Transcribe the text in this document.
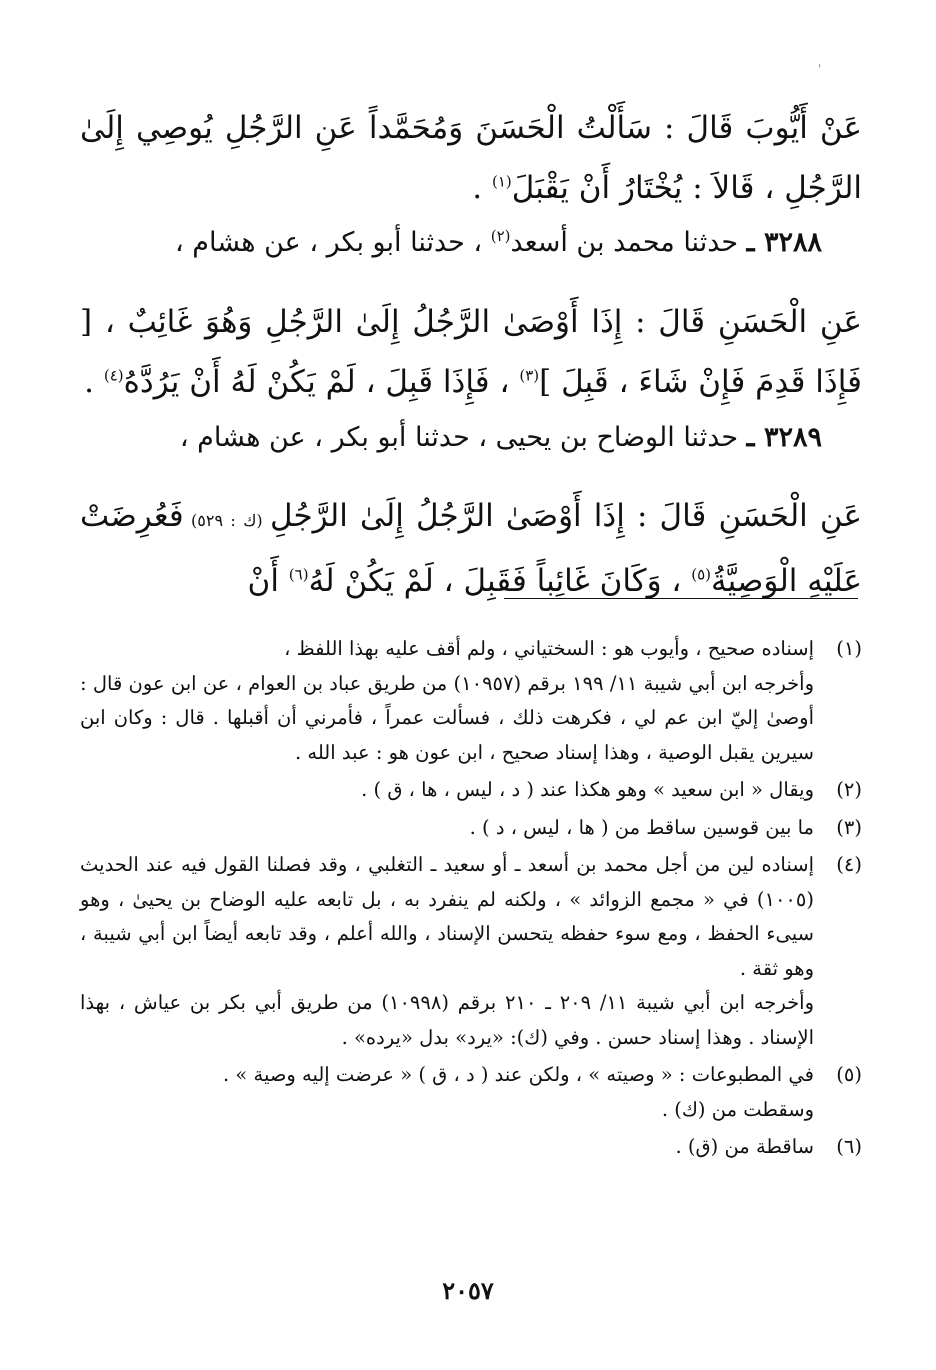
'
عَنْ أَيُّوبَ قَالَ : سَأَلْتُ الْحَسَنَ وَمُحَمَّداً عَنِ الرَّجُلِ يُوصِي إِلَىٰ الرَّجُلِ ، قَالاَ : يُخْتَارُ أَنْ يَقْبَلَ$^{(١)}$ .
٣٢٨٨ ـ حدثنا محمد بن أسعد$^{(٢)}$ ، حدثنا أبو بكر ، عن هشام ،
عَنِ الْحَسَنِ قَالَ : إِذَا أَوْصَىٰ الرَّجُلُ إِلَىٰ الرَّجُلِ وَهُوَ غَائِبٌ ، [ فَإِذَا قَدِمَ فَإِنْ شَاءَ ، قَبِلَ ]$^{(٣)}$ ، فَإِذَا قَبِلَ ، لَمْ يَكُنْ لَهُ أَنْ يَرُدَّهُ$^{(٤)}$ .
٣٢٨٩ ـ حدثنا الوضاح بن يحيى ، حدثنا أبو بكر ، عن هشام ،
عَنِ الْحَسَنِ قَالَ : إِذَا أَوْصَىٰ الرَّجُلُ إِلَىٰ الرَّجُلِ (ك : ٥٢٩) فَعُرِضَتْ عَلَيْهِ الْوَصِيَّةُ$^{(٥)}$ ، وَكَانَ غَائِباً فَقَبِلَ ، لَمْ يَكُنْ لَهُ$^{(٦)}$ أَنْ
(١)
إسناده صحيح ، وأيوب هو : السختياني ، ولم أقف عليه بهذا اللفظ ،
وأخرجه ابن أبي شيبة ١١/ ١٩٩ برقم (١٠٩٥٧) من طريق عباد بن العوام ، عن ابن عون قال : أوصىٰ إليّ ابن عم لي ، فكرهت ذلك ، فسألت عمراً ، فأمرني أن أقبلها . قال : وكان ابن سيرين يقبل الوصية ، وهذا إسناد صحيح ، ابن عون هو : عبد الله .
(٢)
ويقال « ابن سعيد » وهو هكذا عند ( د ، ليس ، ها ، ق ) .
(٣)
ما بين قوسين ساقط من ( ها ، ليس ، د ) .
(٤)
إسناده لين من أجل محمد بن أسعد ـ أو سعيد ـ التغلبي ، وقد فصلنا القول فيه عند الحديث (١٠٠٥) في « مجمع الزوائد » ، ولكنه لم ينفرد به ، بل تابعه عليه الوضاح بن يحيىٰ ، وهو سيىء الحفظ ، ومع سوء حفظه يتحسن الإسناد ، والله أعلم ، وقد تابعه أيضاً ابن أبي شيبة ، وهو ثقة .
وأخرجه ابن أبي شيبة ١١/ ٢٠٩ ـ ٢١٠ برقم (١٠٩٩٨) من طريق أبي بكر بن عياش ، بهذا الإسناد . وهذا إسناد حسن . وفي (ك): «يرد» بدل «يرده» .
(٥)
في المطبوعات : « وصيته » ، ولكن عند ( د ، ق ) « عرضت إليه وصية » .
وسقطت من (ك) .
(٦)
ساقطة من (ق) .
٢٠٥٧
